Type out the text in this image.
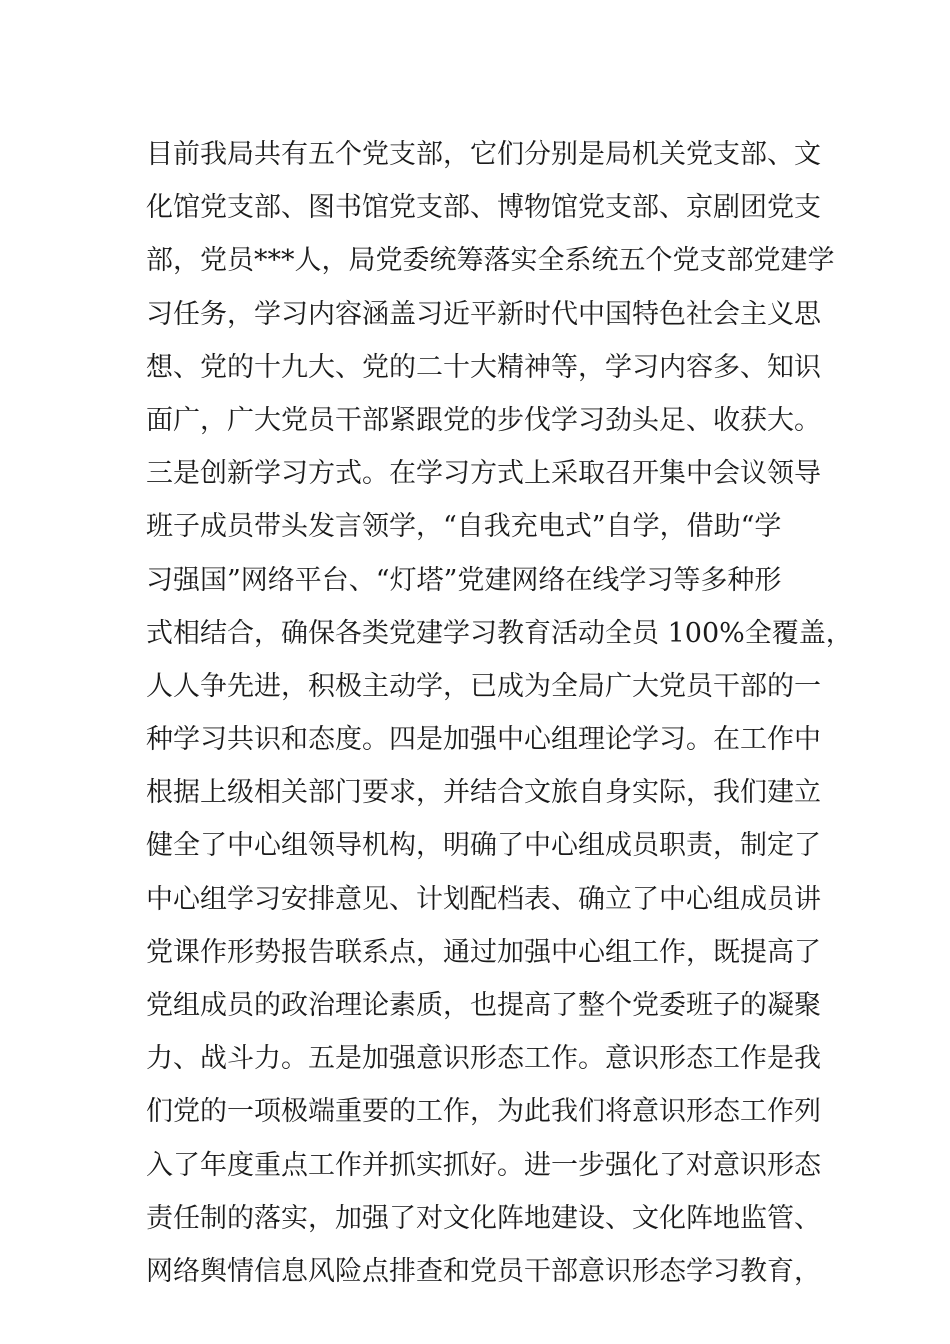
目前我局共有五个党支部，它们分别是局机关党支部、文
化馆党支部、图书馆党支部、博物馆党支部、京剧团党支
部，党员***人，局党委统筹落实全系统五个党支部党建学
习任务，学习内容涵盖习近平新时代中国特色社会主义思
想、党的十九大、党的二十大精神等，学习内容多、知识
面广，广大党员干部紧跟党的步伐学习劲头足、收获大。
三是创新学习方式。在学习方式上采取召开集中会议领导
班子成员带头发言领学，“自我充电式”自学，借助“学
习强国”网络平台、“灯塔”党建网络在线学习等多种形
式相结合，确保各类党建学习教育活动全员 100%全覆盖，
人人争先进，积极主动学，已成为全局广大党员干部的一
种学习共识和态度。四是加强中心组理论学习。在工作中
根据上级相关部门要求，并结合文旅自身实际，我们建立
健全了中心组领导机构，明确了中心组成员职责，制定了
中心组学习安排意见、计划配档表、确立了中心组成员讲
党课作形势报告联系点，通过加强中心组工作，既提高了
党组成员的政治理论素质，也提高了整个党委班子的凝聚
力、战斗力。五是加强意识形态工作。意识形态工作是我
们党的一项极端重要的工作，为此我们将意识形态工作列
入了年度重点工作并抓实抓好。进一步强化了对意识形态
责任制的落实，加强了对文化阵地建设、文化阵地监管、
网络舆情信息风险点排查和党员干部意识形态学习教育，
